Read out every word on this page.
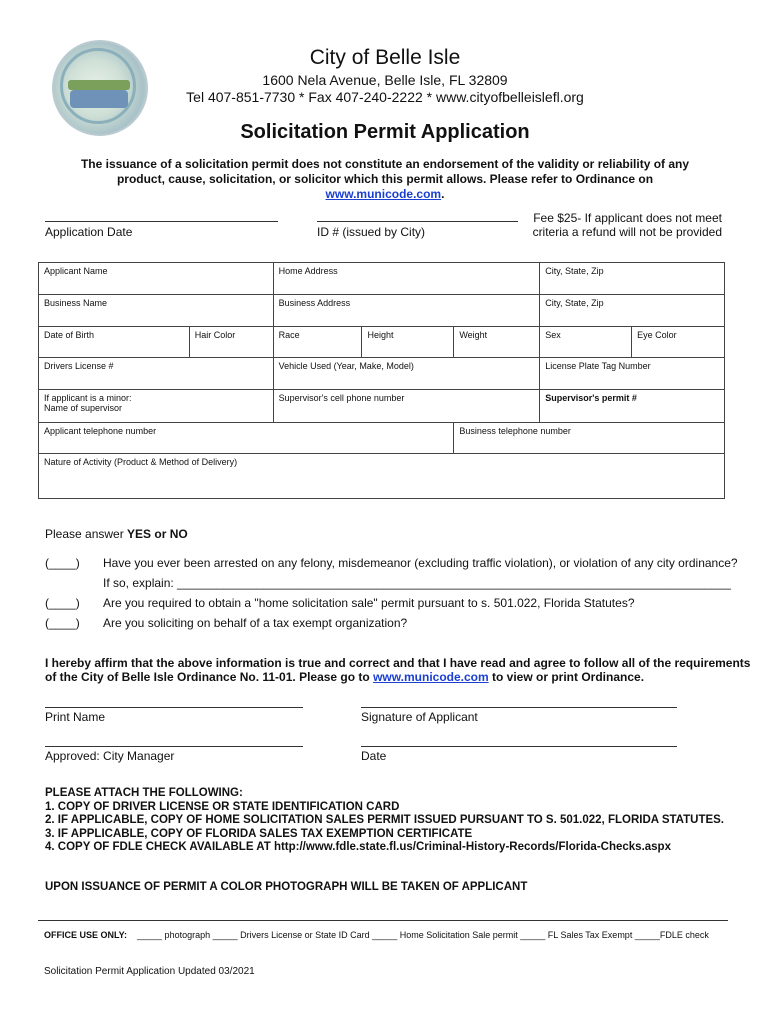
City of Belle Isle
1600 Nela Avenue, Belle Isle, FL 32809
Tel 407-851-7730 * Fax 407-240-2222 * www.cityofbelleislefl.org
Solicitation Permit Application
The issuance of a solicitation permit does not constitute an endorsement of the validity or reliability of any product, cause, solicitation, or solicitor which this permit allows. Please refer to Ordinance on www.municode.com.
Application Date	ID # (issued by City)
Fee $25- If applicant does not meet
criteria a refund will not be provided
Applicant Name		Home Address			City, State, Zip	
Business Name		Business Address			City, State, Zip	
Date of Birth	Hair Color	Race	Height	Weight	Sex	Eye Color
Drivers License #		Vehicle Used (Year, Make, Model)			License Plate Tag Number	
If applicant is a minor:
Name of supervisor		Supervisor's cell phone number			Supervisor's permit #	
Applicant telephone number				Business telephone number		
Nature of Activity (Product & Method of Delivery)						
Please answer YES or NO
(____) Have you ever been arrested on any felony, misdemeanor (excluding traffic violation), or violation of any city ordinance?
If so, explain: ___________________________________________________________________________________
(____) Are you required to obtain a "home solicitation sale" permit pursuant to s. 501.022, Florida Statutes?
(____) Are you soliciting on behalf of a tax exempt organization?
I hereby affirm that the above information is true and correct and that I have read and agree to follow all of the requirements
of the City of Belle Isle Ordinance No. 11-01. Please go to www.municode.com to view or print Ordinance.
Print Name	Signature of Applicant
Approved: City Manager	Date
PLEASE ATTACH THE FOLLOWING:
1. COPY OF DRIVER LICENSE OR STATE IDENTIFICATION CARD
2. IF APPLICABLE, COPY OF HOME SOLICITATION SALES PERMIT ISSUED PURSUANT TO S. 501.022, FLORIDA STATUTES.
3. IF APPLICABLE, COPY OF FLORIDA SALES TAX EXEMPTION CERTIFICATE
4. COPY OF FDLE CHECK AVAILABLE AT http://www.fdle.state.fl.us/Criminal-History-Records/Florida-Checks.aspx
UPON ISSUANCE OF PERMIT A COLOR PHOTOGRAPH WILL BE TAKEN OF APPLICANT
OFFICE USE ONLY: _____ photograph _____ Drivers License or State ID Card _____ Home Solicitation Sale permit _____ FL Sales Tax Exempt _____FDLE check
Solicitation Permit Application Updated 03/2021
